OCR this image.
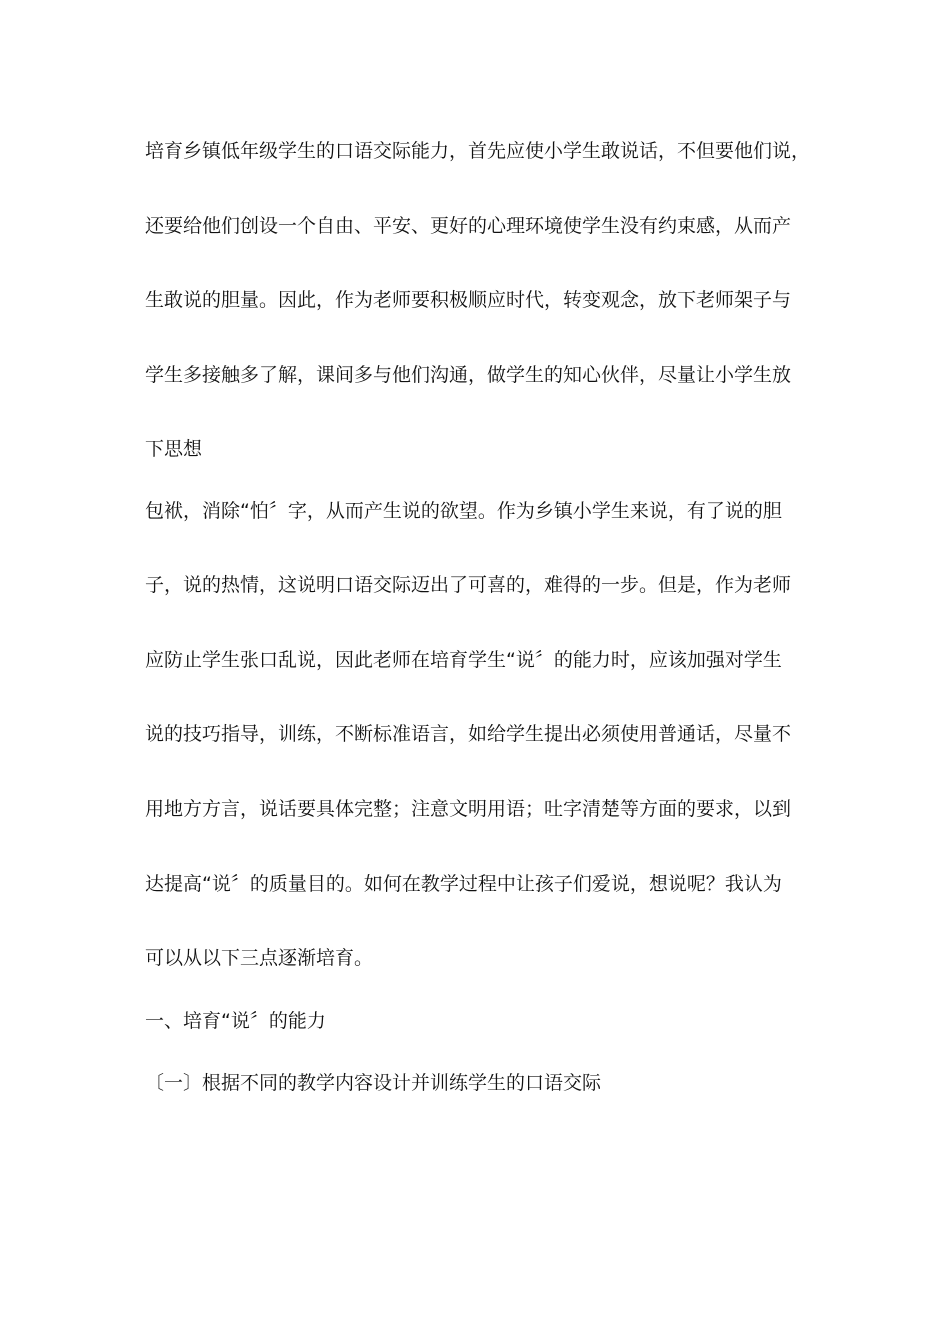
培育乡镇低年级学生的口语交际能力，首先应使小学生敢说话，不但要他们说，

还要给他们创设一个自由、平安、更好的心理环境使学生没有约束感，从而产

生敢说的胆量。因此，作为老师要积极顺应时代，转变观念，放下老师架子与

学生多接触多了解，课间多与他们沟通，做学生的知心伙伴，尽量让小学生放

下思想

包袱，消除“怕〞字，从而产生说的欲望。作为乡镇小学生来说，有了说的胆

子，说的热情，这说明口语交际迈出了可喜的，难得的一步。但是，作为老师

应防止学生张口乱说，因此老师在培育学生“说〞的能力时，应该加强对学生

说的技巧指导，训练，不断标准语言，如给学生提出必须使用普通话，尽量不

用地方方言，说话要具体完整；注意文明用语；吐字清楚等方面的要求，以到

达提高“说〞的质量目的。如何在教学过程中让孩子们爱说，想说呢？我认为

可以从以下三点逐渐培育。

一、培育“说〞的能力

〔一〕根据不同的教学内容设计并训练学生的口语交际
